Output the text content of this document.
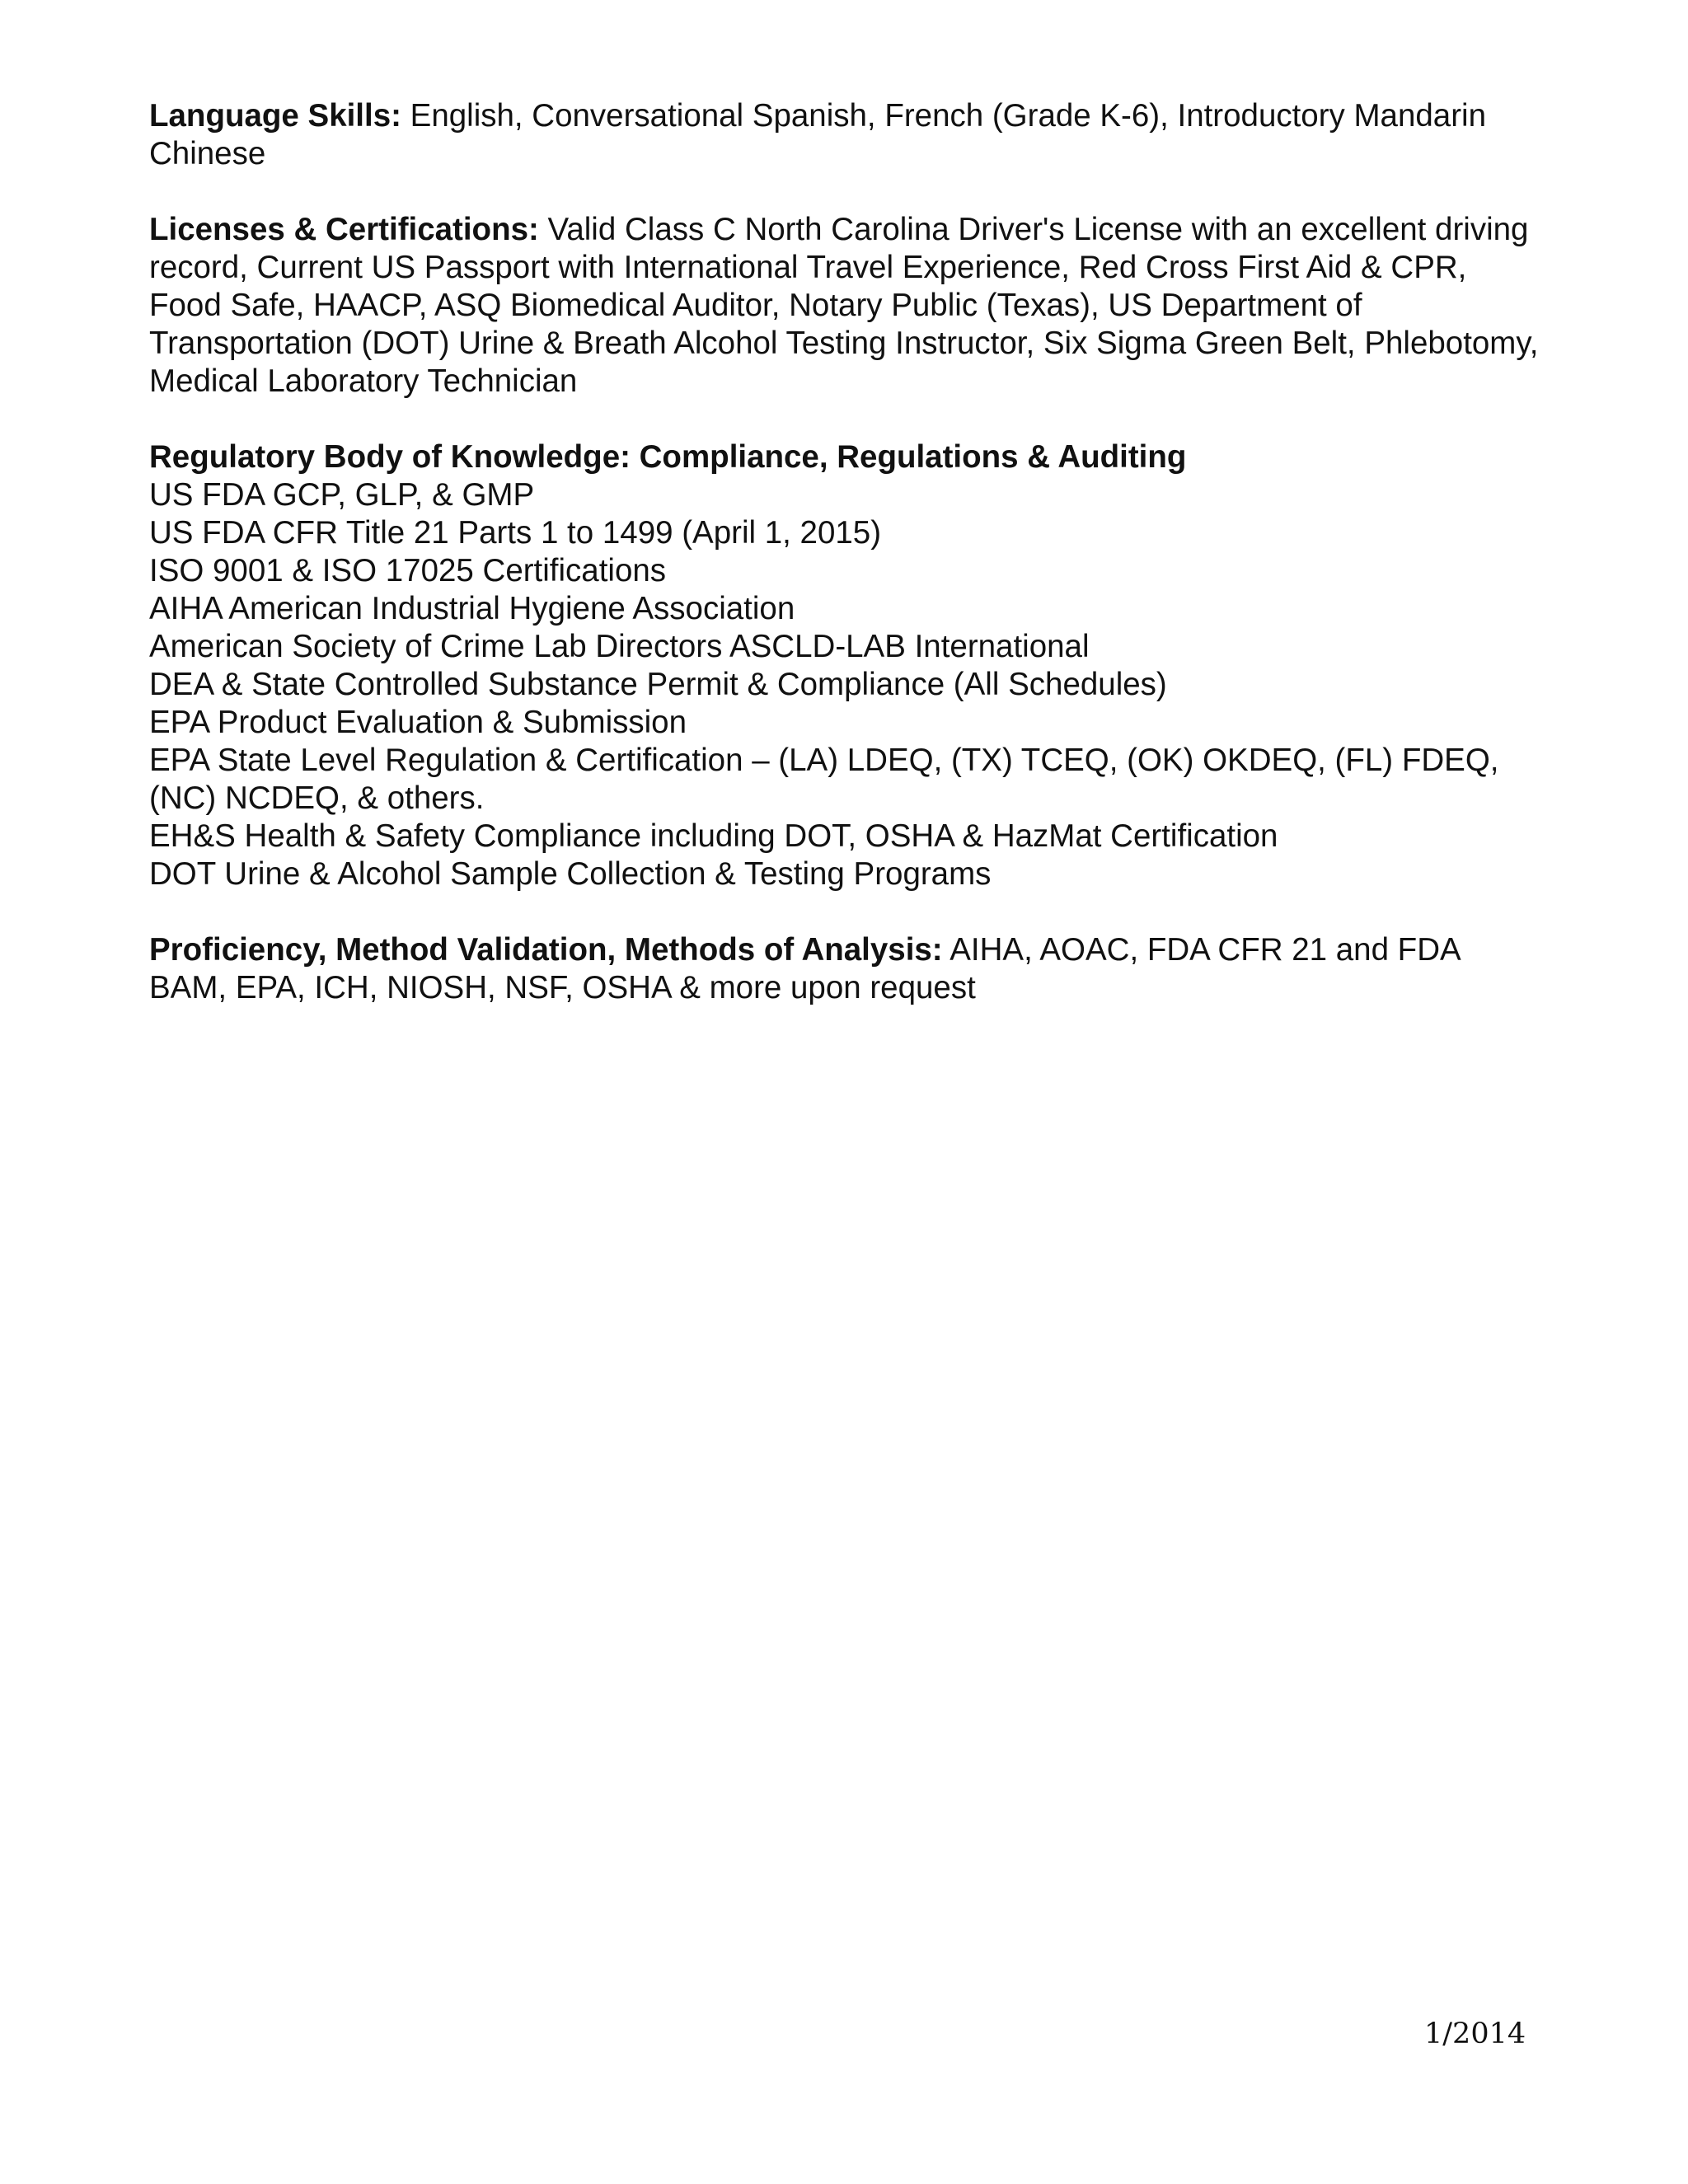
Language Skills: English, Conversational Spanish, French (Grade K-6), Introductory Mandarin Chinese

Licenses & Certifications: Valid Class C North Carolina Driver's License with an excellent driving record, Current US Passport with International Travel Experience, Red Cross First Aid & CPR, Food Safe, HAACP, ASQ Biomedical Auditor, Notary Public (Texas), US Department of Transportation (DOT) Urine & Breath Alcohol Testing Instructor, Six Sigma Green Belt, Phlebotomy, Medical Laboratory Technician

Regulatory Body of Knowledge: Compliance, Regulations & Auditing

US FDA GCP, GLP, & GMP
US FDA CFR Title 21 Parts 1 to 1499 (April 1, 2015)
ISO 9001 & ISO 17025 Certifications
AIHA American Industrial Hygiene Association
American Society of Crime Lab Directors ASCLD-LAB International
DEA & State Controlled Substance Permit & Compliance (All Schedules)
EPA Product Evaluation & Submission
EPA State Level Regulation & Certification – (LA) LDEQ, (TX) TCEQ, (OK) OKDEQ, (FL) FDEQ, (NC) NCDEQ, & others.
EH&S Health & Safety Compliance including DOT, OSHA & HazMat Certification
DOT Urine & Alcohol Sample Collection & Testing Programs

Proficiency, Method Validation, Methods of Analysis: AIHA, AOAC, FDA CFR 21 and FDA BAM, EPA, ICH, NIOSH, NSF, OSHA & more upon request

1/2014
